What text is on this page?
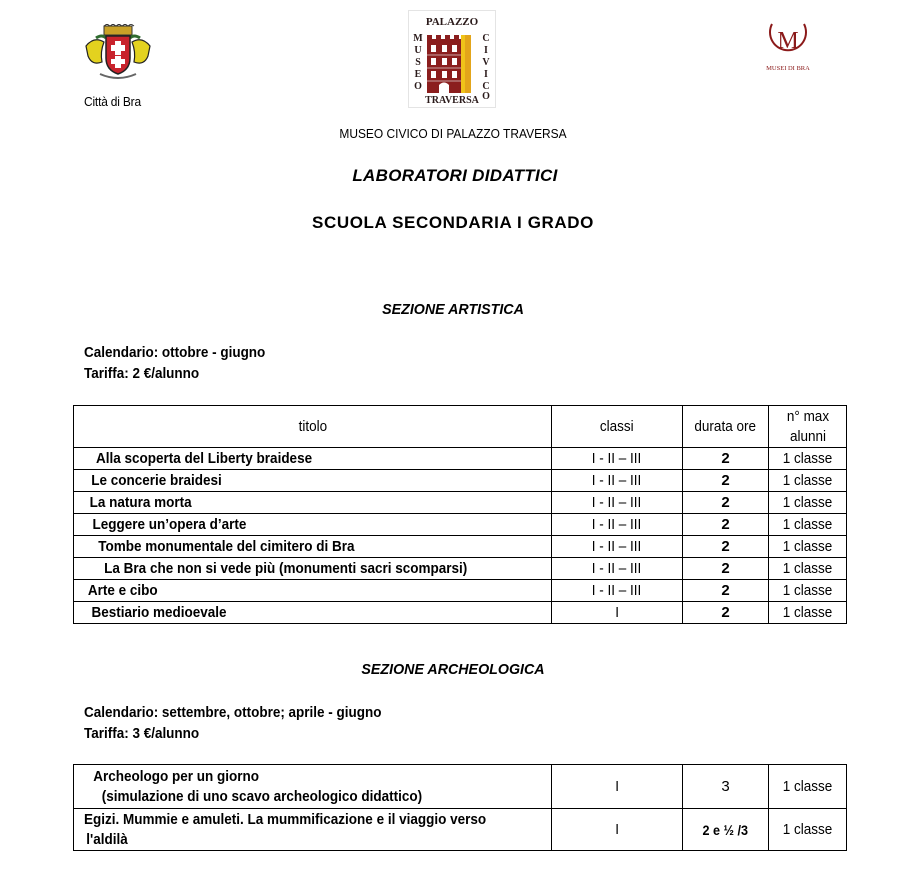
Città di Bra
PALAZZO
M
U
S
E
O
C
I
V
I
C
O
TRAVERSA
M
MUSEI DI BRA
MUSEO CIVICO DI PALAZZO TRAVERSA
LABORATORI DIDATTICI
SCUOLA SECONDARIA I GRADO
SEZIONE ARTISTICA
Calendario: ottobre - giugno
Tariffa: 2 €/alunno
titolo	classi	durata ore	n° max alunni
Alla scoperta del Liberty braidese	I - II – III	2	1 classe
Le concerie braidesi	I - II – III	2	1 classe
La natura morta	I - II – III	2	1 classe
Leggere un’opera d’arte	I - II – III	2	1 classe
Tombe monumentale del cimitero di Bra	I - II – III	2	1 classe
La Bra che non si vede più (monumenti sacri scomparsi)	I - II – III	2	1 classe
Arte e cibo	I - II – III	2	1 classe
Bestiario medioevale	I	2	1 classe
SEZIONE ARCHEOLOGICA
Calendario: settembre, ottobre; aprile - giugno
Tariffa: 3 €/alunno
Archeologo per un giorno
(simulazione di uno scavo archeologico didattico)	I	3	1 classe

Egizi. Mummie e amuleti. La mummificazione e il viaggio verso
l'aldilà	I	2 e ½ /3	1 classe
